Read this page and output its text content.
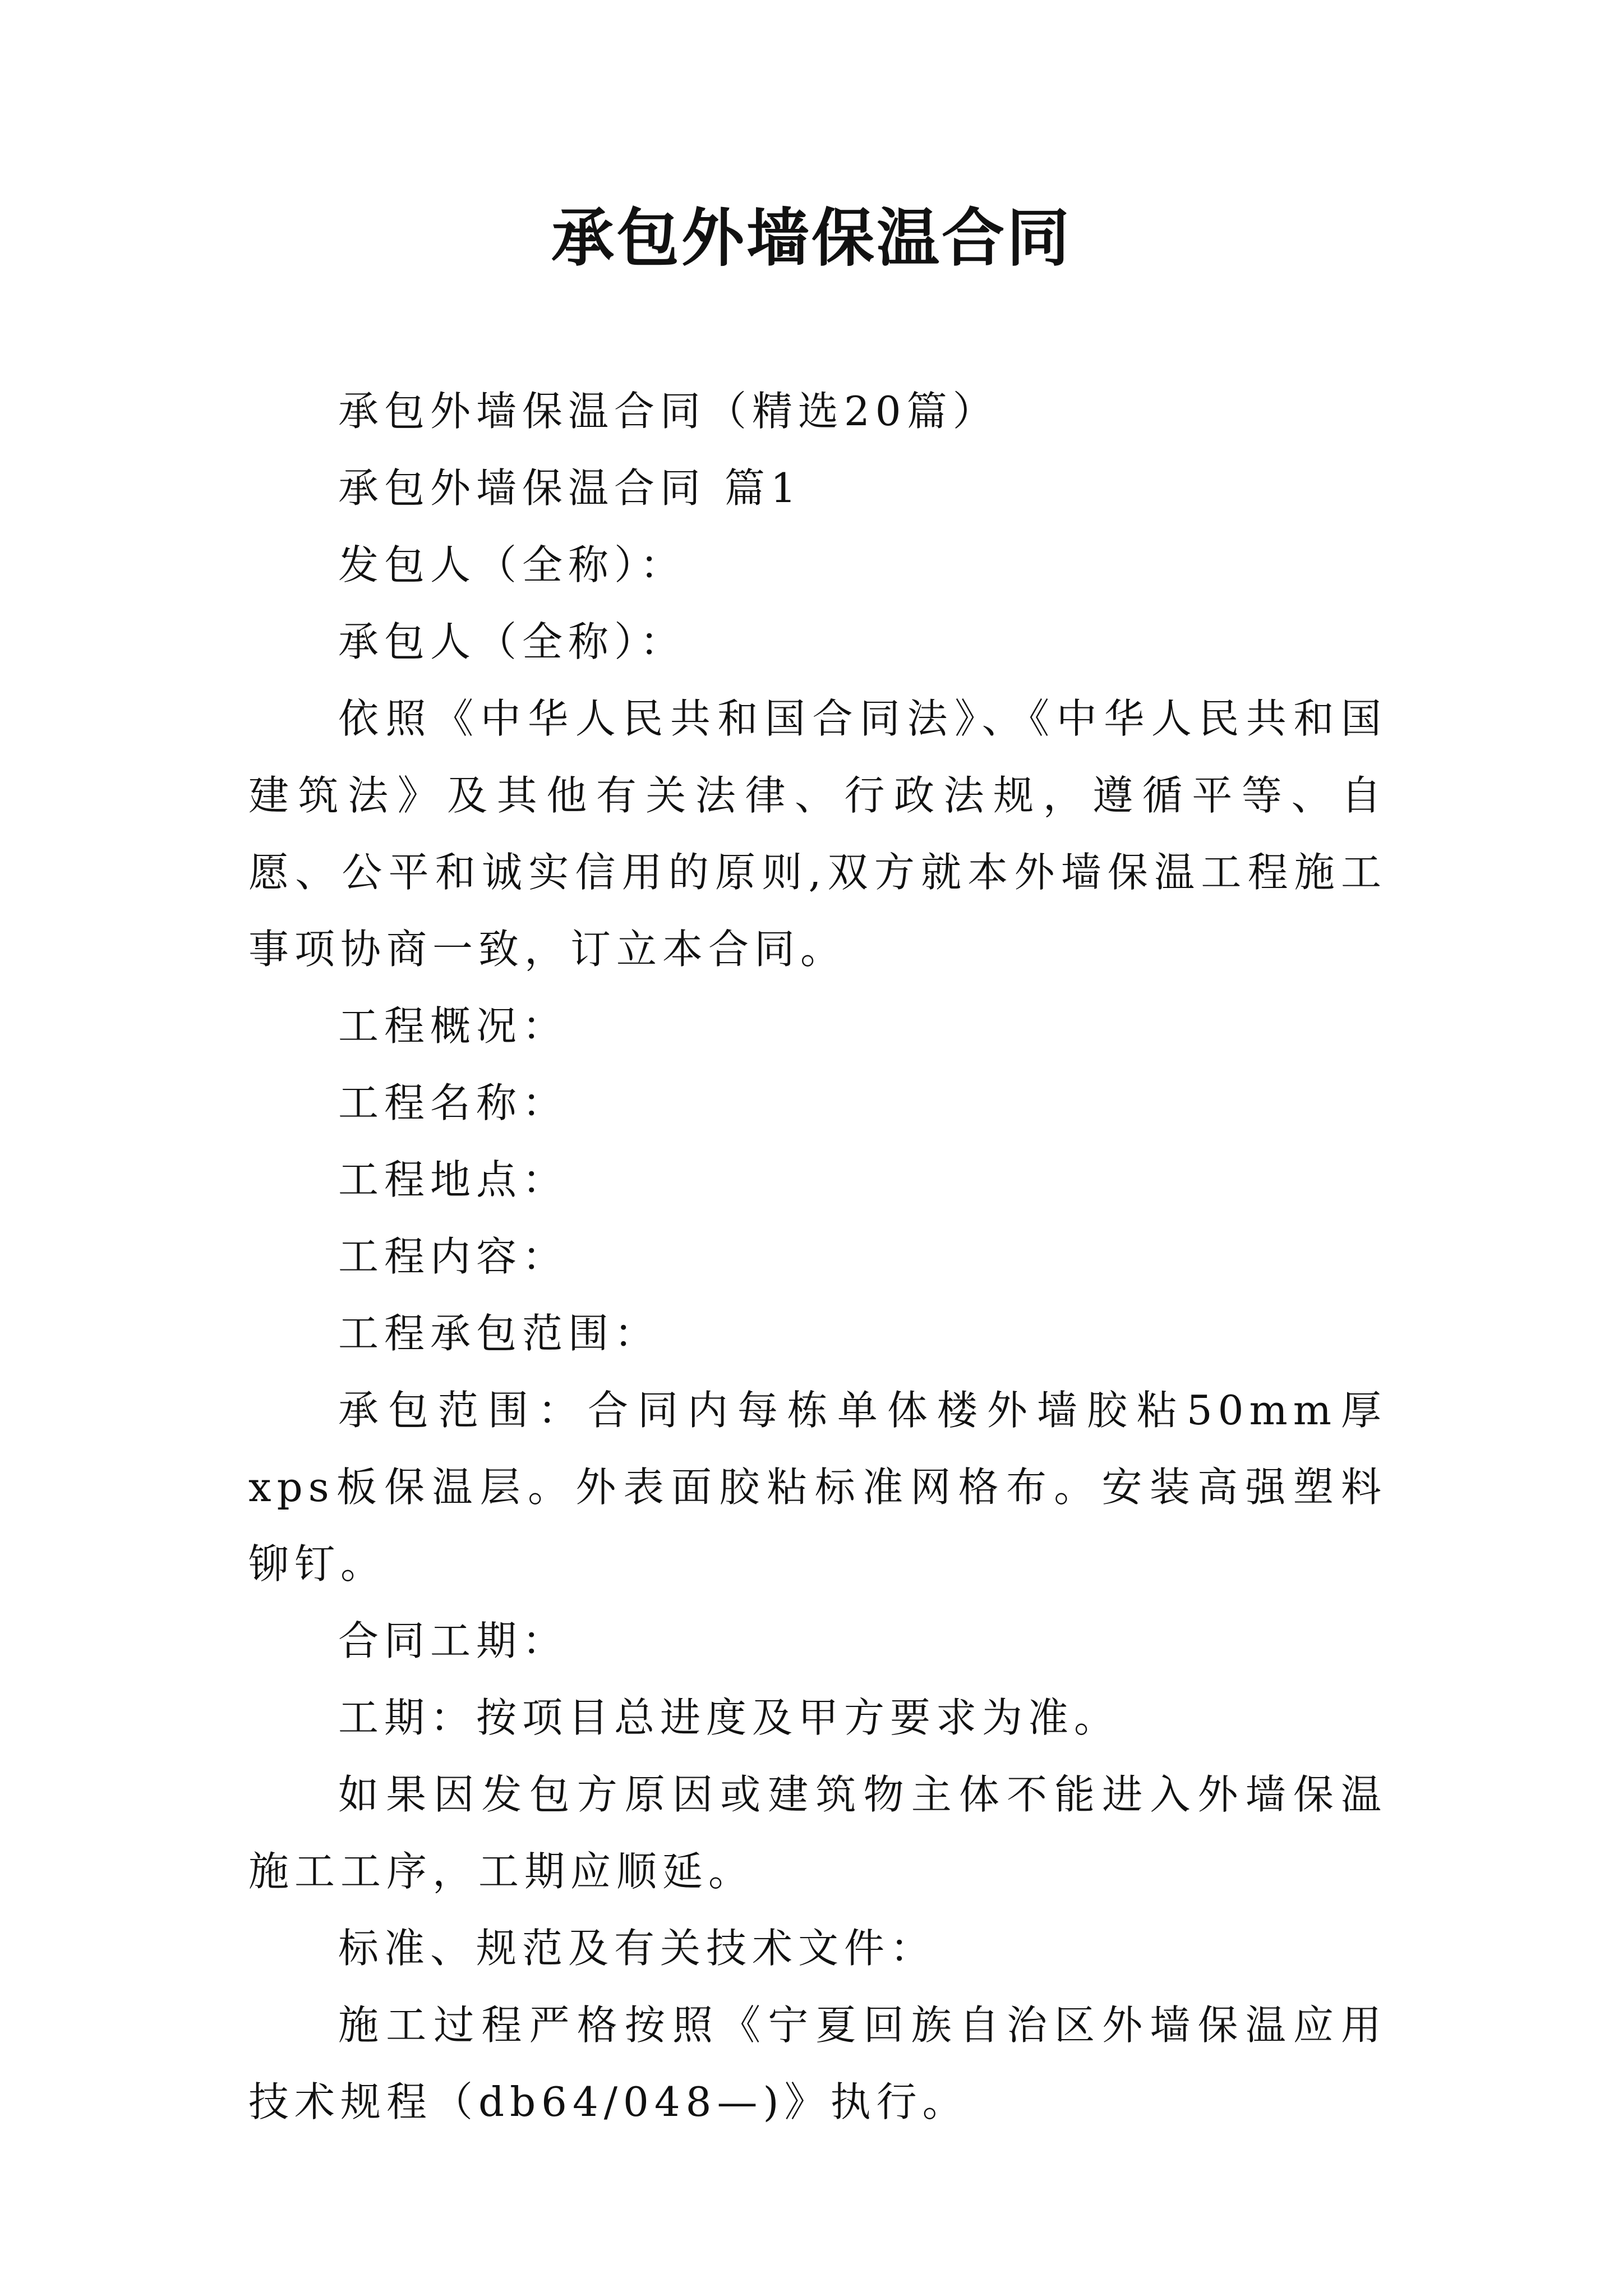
承包外墙保温合同

承包外墙保温合同（精选20篇）

承包外墙保温合同 篇1

发包人（全称）：

承包人（全称）：

依照《中华人民共和国合同法》、《中华人民共和国建筑法》及其他有关法律、行政法规，遵循平等、自愿、公平和诚实信用的原则,双方就本外墙保温工程施工事项协商一致，订立本合同。

工程概况：

工程名称：

工程地点：

工程内容：

工程承包范围：

承包范围：合同内每栋单体楼外墙胶粘50mm厚xps板保温层。外表面胶粘标准网格布。安装高强塑料铆钉。

合同工期：

工期：按项目总进度及甲方要求为准。

如果因发包方原因或建筑物主体不能进入外墙保温施工工序，工期应顺延。

标准、规范及有关技术文件：

施工过程严格按照《宁夏回族自治区外墙保温应用技术规程（db64/048—)》执行。
